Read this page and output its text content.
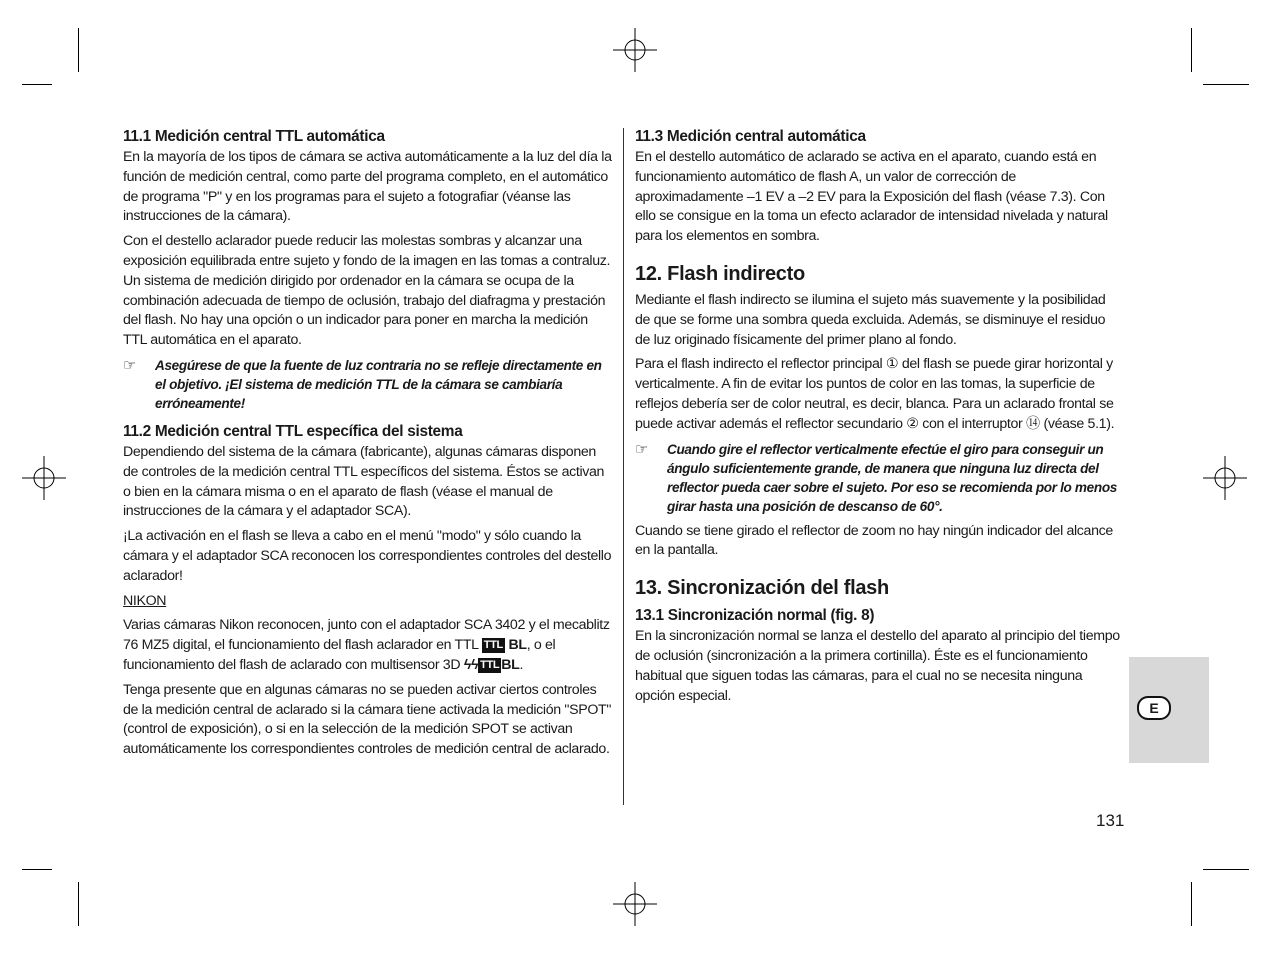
11.1 Medición central TTL automática

En la mayoría de los tipos de cámara se activa automáticamente a la luz del día la función de medición central, como parte del programa completo, en el automático de programa "P" y en los programas para el sujeto a fotografiar (véanse las instrucciones de la cámara).

Con el destello aclarador puede reducir las molestas sombras y alcanzar una exposición equilibrada entre sujeto y fondo de la imagen en las tomas a contraluz. Un sistema de medición dirigido por ordenador en la cámara se ocupa de la combinación adecuada de tiempo de oclusión, trabajo del diafragma y prestación del flash. No hay una opción o un indicador para poner en marcha la medición TTL automática en el aparato.

☞	Asegúrese de que la fuente de luz contraria no se refleje directamente en el objetivo. ¡El sistema de medición TTL de la cámara se cambiaría erróneamente!
11.2 Medición central TTL específica del sistema

Dependiendo del sistema de la cámara (fabricante), algunas cámaras disponen de controles de la medición central TTL específicos del sistema. Éstos se activan o bien en la cámara misma o en el aparato de flash (véase el manual de instrucciones de la cámara y el adaptador SCA).

¡La activación en el flash se lleva a cabo en el menú "modo" y sólo cuando la cámara y el adaptador SCA reconocen los correspondientes controles del destello aclarador!

NIKON

Varias cámaras Nikon reconocen, junto con el adaptador SCA 3402 y el mecablitz 76 MZ5 digital, el funcionamiento del flash aclarador en TTL TTL BL, o el funcionamiento del flash de aclarado con multisensor 3D ϟϟ TTL BL.

Tenga presente que en algunas cámaras no se pueden activar ciertos controles de la medición central de aclarado si la cámara tiene activada la medición "SPOT" (control de exposición), o si en la selección de la medición SPOT se activan automáticamente los correspondientes controles de medición central de aclarado.

11.3 Medición central automática

En el destello automático de aclarado se activa en el aparato, cuando está en funcionamiento automático de flash A, un valor de corrección de aproximadamente –1 EV a –2 EV para la Exposición del flash (véase 7.3). Con ello se consigue en la toma un efecto aclarador de intensidad nivelada y natural para los elementos en sombra.

12. Flash indirecto

Mediante el flash indirecto se ilumina el sujeto más suavemente y la posibilidad de que se forme una sombra queda excluida. Además, se disminuye el residuo de luz originado físicamente del primer plano al fondo.

Para el flash indirecto el reflector principal ① del flash se puede girar horizontal y verticalmente. A fin de evitar los puntos de color en las tomas, la superficie de reflejos debería ser de color neutral, es decir, blanca. Para un aclarado frontal se puede activar además el reflector secundario ② con el interruptor ⑭ (véase 5.1).

☞	Cuando gire el reflector verticalmente efectúe el giro para conseguir un ángulo suficientemente grande, de manera que ninguna luz directa del reflector pueda caer sobre el sujeto. Por eso se recomienda por lo menos girar hasta una posición de descanso de 60°.

Cuando se tiene girado el reflector de zoom no hay ningún indicador del alcance en la pantalla.

13. Sincronización del flash
13.1 Sincronización normal (fig. 8)

En la sincronización normal se lanza el destello del aparato al principio del tiempo de oclusión (sincronización a la primera cortinilla). Éste es el funcionamiento habitual que siguen todas las cámaras, para el cual no se necesita ninguna opción especial.

E
131
